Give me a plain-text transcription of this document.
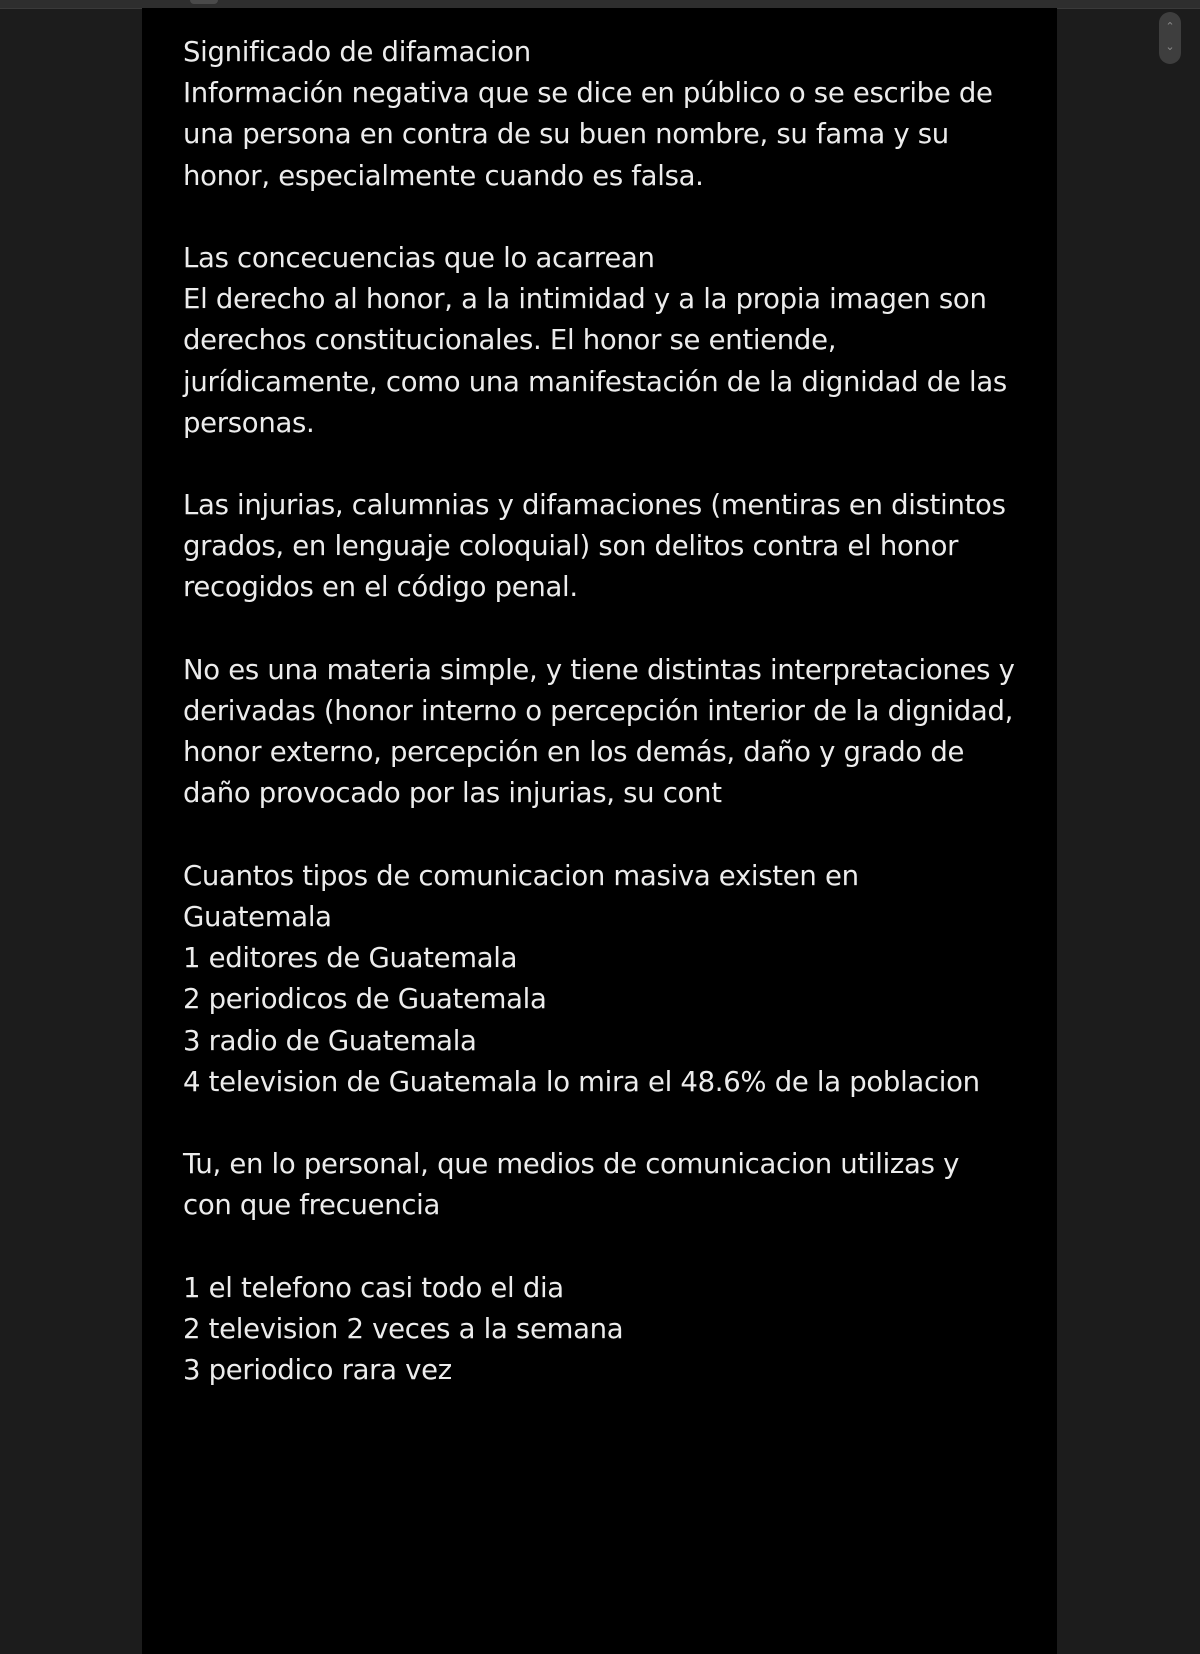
Significado de difamacion
Información negativa que se dice en público o se escribe de
una persona en contra de su buen nombre, su fama y su
honor, especialmente cuando es falsa.
Las concecuencias que lo acarrean
El derecho al honor, a la intimidad y a la propia imagen son
derechos constitucionales. El honor se entiende,
jurídicamente, como una manifestación de la dignidad de las
personas.
Las injurias, calumnias y difamaciones (mentiras en distintos
grados, en lenguaje coloquial) son delitos contra el honor
recogidos en el código penal.
No es una materia simple, y tiene distintas interpretaciones y
derivadas (honor interno o percepción interior de la dignidad,
honor externo, percepción en los demás, daño y grado de
daño provocado por las injurias, su cont
Cuantos tipos de comunicacion masiva existen en
Guatemala
1 editores de Guatemala
2 periodicos de Guatemala
3 radio de Guatemala
4 television de Guatemala lo mira el 48.6% de la poblacion
Tu, en lo personal, que medios de comunicacion utilizas y
con que frecuencia
1 el telefono casi todo el dia
2 television 2 veces a la semana
3 periodico rara vez
⌃
⌄
